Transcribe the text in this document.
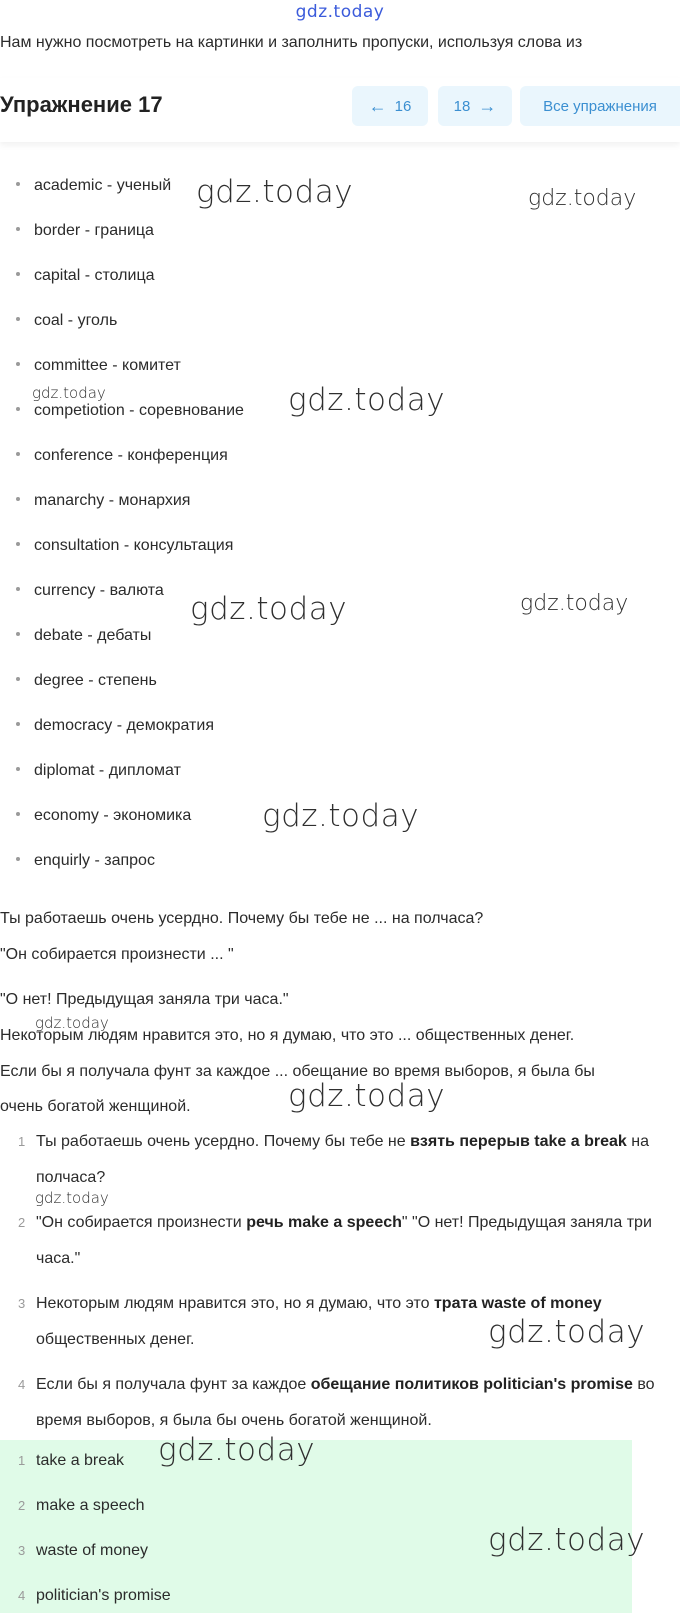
gdz.today
Нам нужно посмотреть на картинки и заполнить пропуски, используя слова из
Упражнение 17	← 16	18 →	Все упражнения
academic - ученый
border - граница
capital - столица
coal - уголь
committee - комитет
competiotion - соревнование
conference - конференция
manarchy - монархия
consultation - консультация
currency - валюта
debate - дебаты
degree - степень
democracy - демократия
diplomat - дипломат
economy - экономика
enquirly - запрос
Ты работаешь очень усердно. Почему бы тебе не ... на полчаса?
"Он собирается произнести ... "
"О нет! Предыдущая заняла три часа."
Некоторым людям нравится это, но я думаю, что это ... общественных денег.
Если бы я получала фунт за каждое ... обещание во время выборов, я была бы
очень богатой женщиной.
1 Ты работаешь очень усердно. Почему бы тебе не взять перерыв take a break на полчаса?
2 "Он собирается произнести речь make a speech" "О нет! Предыдущая заняла три часа."
3 Некоторым людям нравится это, но я думаю, что это трата waste of money общественных денег.
4 Если бы я получала фунт за каждое обещание политиков politician's promise во время выборов, я была бы очень богатой женщиной.
1 take a break
2 make a speech
3 waste of money
4 politician's promise
gdz.today	gdz.today
gdz.today	gdz.today
gdz.today	gdz.today
gdz.today
gdz.today
gdz.today
gdz.today
gdz.today
gdz.today
gdz.today
